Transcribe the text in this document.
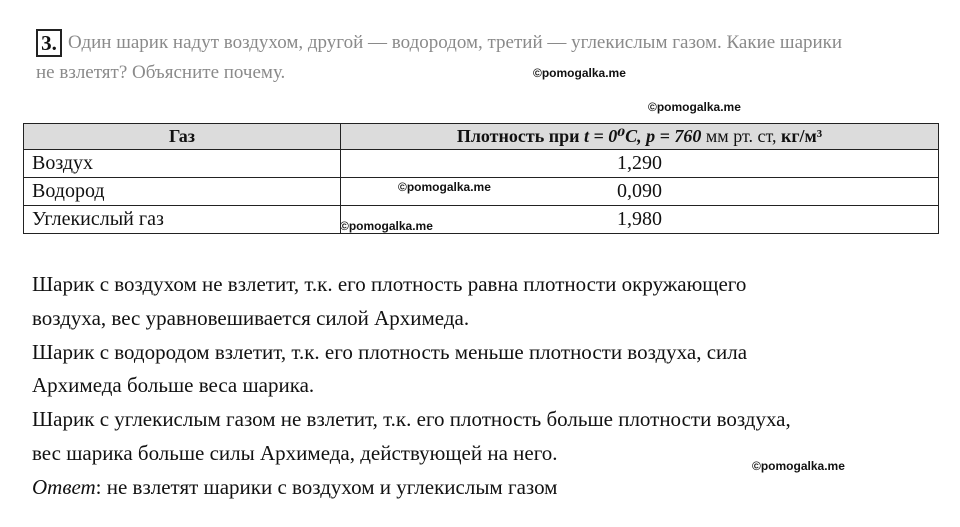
3. Один шарик надут воздухом, другой — водородом, третий — углекислым газом. Какие шарики
не взлетят? Объясните почему.	©pomogalka.me
©pomogalka.me
Газ	Плотность при t = 0⁰C, p = 760 мм рт. ст, кг/м³
Воздух	1,290
Водород	0,090
Углекислый газ	1,980
©pomogalka.me
©pomogalka.me

Шарик с воздухом не взлетит, т.к. его плотность равна плотности окружающего

воздуха, вес уравновешивается силой Архимеда.

Шарик с водородом взлетит, т.к. его плотность меньше плотности воздуха, сила

Архимеда больше веса шарика.

Шарик с углекислым газом не взлетит, т.к. его плотность больше плотности воздуха,

вес шарика больше силы Архимеда, действующей на него.

Ответ: не взлетят шарики с воздухом и углекислым газом

©pomogalka.me
